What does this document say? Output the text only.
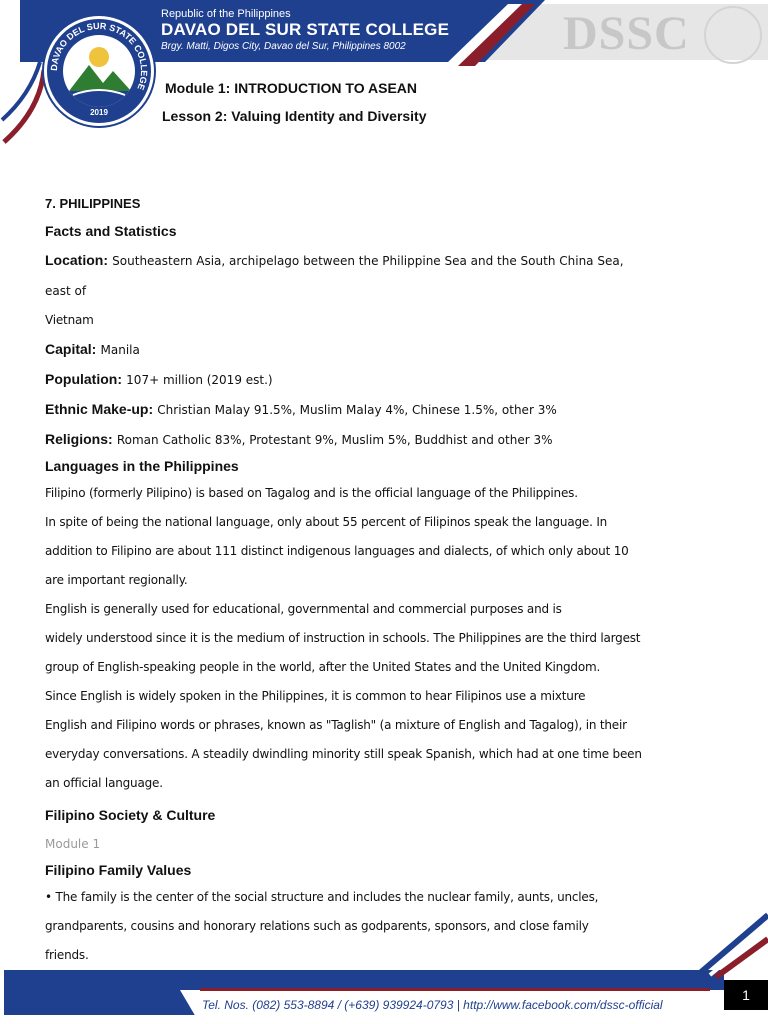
DAVAO DEL SUR STATE COLLEGE
2019
Republic of the Philippines
DAVAO DEL SUR STATE COLLEGE
Brgy. Matti, Digos City, Davao del Sur, Philippines 8002	DSSC
Module 1: INTRODUCTION TO ASEAN
Lesson 2: Valuing Identity and Diversity
7. PHILIPPINES
Facts and Statistics
Location: Southeastern Asia, archipelago between the Philippine Sea and the South China Sea, east of
Vietnam
Capital: Manila
Population: 107+ million (2019 est.)
Ethnic Make-up: Christian Malay 91.5%, Muslim Malay 4%, Chinese 1.5%, other 3%
Religions: Roman Catholic 83%, Protestant 9%, Muslim 5%, Buddhist and other 3%
Languages in the Philippines
Filipino (formerly Pilipino) is based on Tagalog and is the official language of the Philippines.
In spite of being the national language, only about 55 percent of Filipinos speak the language. In
addition to Filipino are about 111 distinct indigenous languages and dialects, of which only about 10
are important regionally.
English is generally used for educational, governmental and commercial purposes and is
widely understood since it is the medium of instruction in schools. The Philippines are the third largest
group of English-speaking people in the world, after the United States and the United Kingdom.
Since English is widely spoken in the Philippines, it is common to hear Filipinos use a mixture
English and Filipino words or phrases, known as "Taglish" (a mixture of English and Tagalog), in their
everyday conversations. A steadily dwindling minority still speak Spanish, which had at one time been
an official language.
Filipino Society & Culture
Module 1
Filipino Family Values
• The family is the center of the social structure and includes the nuclear family, aunts, uncles,
grandparents, cousins and honorary relations such as godparents, sponsors, and close family
friends.
Tel. Nos. (082) 553-8894 / (+639) 939924-0793 | http://www.facebook.com/dssc-official
1
